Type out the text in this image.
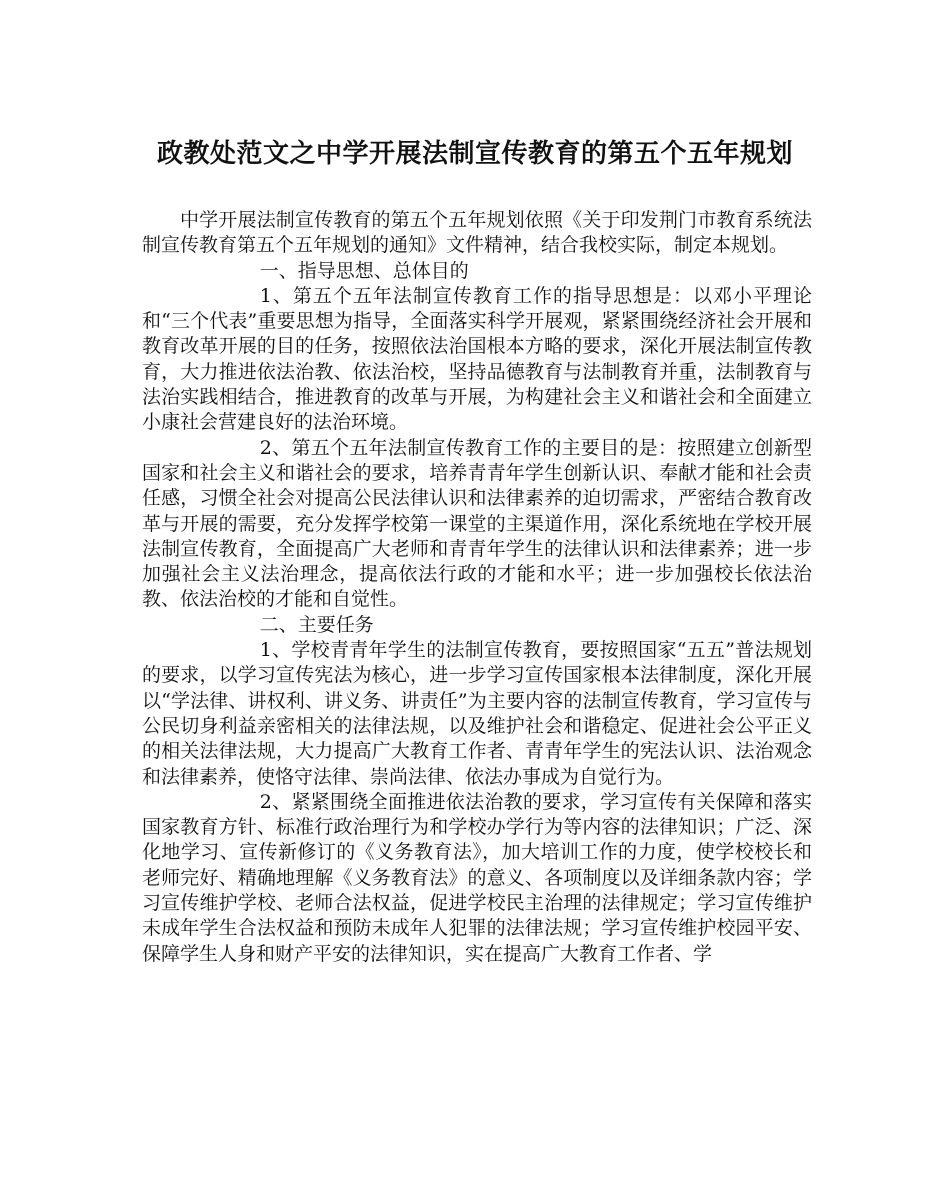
政教处范文之中学开展法制宣传教育的第五个五年规划

中学开展法制宣传教育的第五个五年规划依照《关于印发荆门市教育系统法制宣传教育第五个五年规划的通知》文件精神，结合我校实际，制定本规划。

一、指导思想、总体目的

1、第五个五年法制宣传教育工作的指导思想是：以邓小平理论和“三个代表”重要思想为指导，全面落实科学开展观，紧紧围绕经济社会开展和教育改革开展的目的任务，按照依法治国根本方略的要求，深化开展法制宣传教育，大力推进依法治教、依法治校，坚持品德教育与法制教育并重，法制教育与法治实践相结合，推进教育的改革与开展，为构建社会主义和谐社会和全面建立小康社会营建良好的法治环境。

2、第五个五年法制宣传教育工作的主要目的是：按照建立创新型国家和社会主义和谐社会的要求，培养青青年学生创新认识、奉献才能和社会责任感，习惯全社会对提高公民法律认识和法律素养的迫切需求，严密结合教育改革与开展的需要，充分发挥学校第一课堂的主渠道作用，深化系统地在学校开展法制宣传教育，全面提高广大老师和青青年学生的法律认识和法律素养；进一步加强社会主义法治理念，提高依法行政的才能和水平；进一步加强校长依法治教、依法治校的才能和自觉性。

二、主要任务

1、学校青青年学生的法制宣传教育，要按照国家“五五”普法规划的要求，以学习宣传宪法为核心，进一步学习宣传国家根本法律制度，深化开展以“学法律、讲权利、讲义务、讲责任”为主要内容的法制宣传教育，学习宣传与公民切身利益亲密相关的法律法规，以及维护社会和谐稳定、促进社会公平正义的相关法律法规，大力提高广大教育工作者、青青年学生的宪法认识、法治观念和法律素养，使恪守法律、崇尚法律、依法办事成为自觉行为。

2、紧紧围绕全面推进依法治教的要求，学习宣传有关保障和落实国家教育方针、标准行政治理行为和学校办学行为等内容的法律知识；广泛、深化地学习、宣传新修订的《义务教育法》，加大培训工作的力度，使学校校长和老师完好、精确地理解《义务教育法》的意义、各项制度以及详细条款内容；学习宣传维护学校、老师合法权益，促进学校民主治理的法律规定；学习宣传维护未成年学生合法权益和预防未成年人犯罪的法律法规；学习宣传维护校园平安、保障学生人身和财产平安的法律知识，实在提高广大教育工作者、学
